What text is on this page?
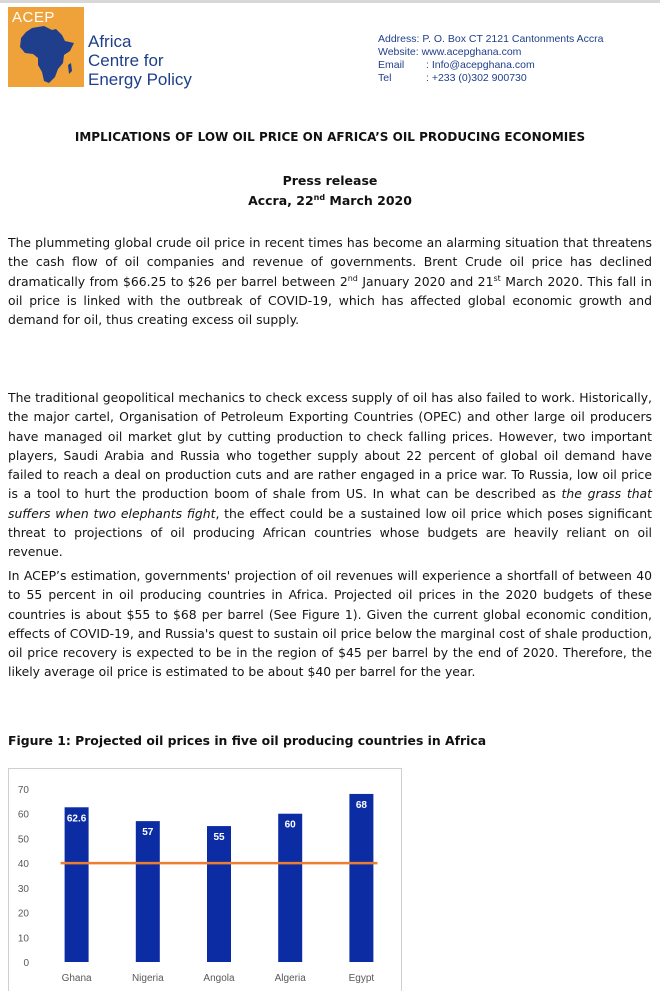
ACEP
Africa
Centre for
Energy Policy
Address: P. O. Box CT 2121 Cantonments Accra
Website: www.acepghana.com
Email : Info@acepghana.com
Tel	: +233 (0)302 900730
IMPLICATIONS OF LOW OIL PRICE ON AFRICA’S OIL PRODUCING ECONOMIES
Press release
Accra, 22nd March 2020
The plummeting global crude oil price in recent times has become an alarming situation that threatens the cash flow of oil companies and revenue of governments. Brent Crude oil price has declined dramatically from $66.25 to $26 per barrel between 2nd January 2020 and 21st March 2020. This fall in oil price is linked with the outbreak of COVID-19, which has affected global economic growth and demand for oil, thus creating excess oil supply.
The traditional geopolitical mechanics to check excess supply of oil has also failed to work. Historically, the major cartel, Organisation of Petroleum Exporting Countries (OPEC) and other large oil producers have managed oil market glut by cutting production to check falling prices. However, two important players, Saudi Arabia and Russia who together supply about 22 percent of global oil demand have failed to reach a deal on production cuts and are rather engaged in a price war. To Russia, low oil price is a tool to hurt the production boom of shale from US. In what can be described as the grass that suffers when two elephants fight, the effect could be a sustained low oil price which poses significant threat to projections of oil producing African countries whose budgets are heavily reliant on oil revenue.
In ACEP’s estimation, governments' projection of oil revenues will experience a shortfall of between 40 to 55 percent in oil producing countries in Africa. Projected oil prices in the 2020 budgets of these countries is about $55 to $68 per barrel (See Figure 1). Given the current global economic condition, effects of COVID-19, and Russia's quest to sustain oil price below the marginal cost of shale production, oil price recovery is expected to be in the region of $45 per barrel by the end of 2020. Therefore, the likely average oil price is estimated to be about $40 per barrel for the year.
Figure 1: Projected oil prices in five oil producing countries in Africa
0
10
20
30
40
50
60
70
62.6
Ghana
57
Nigeria
55
Angola
60
Algeria
68
Egypt
